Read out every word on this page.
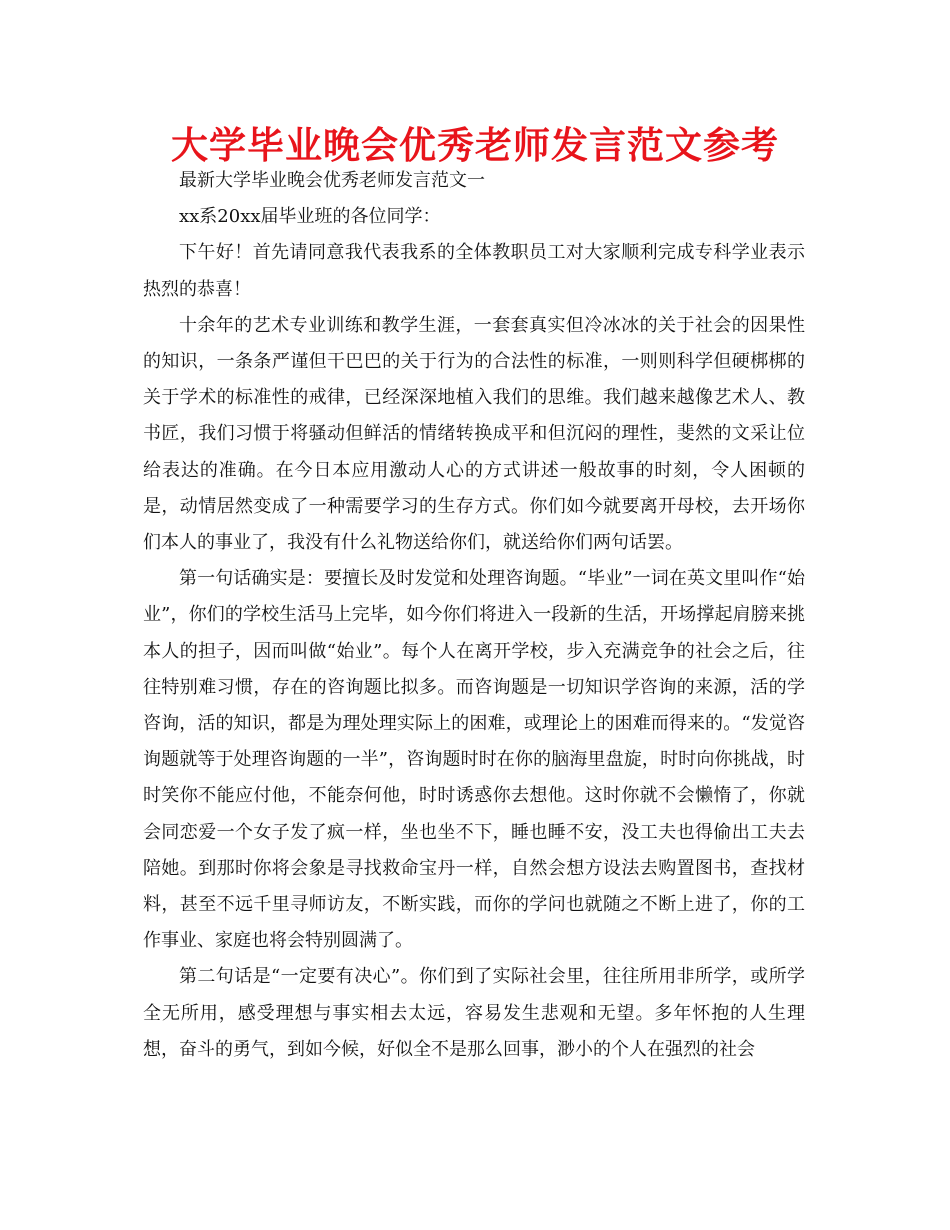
大学毕业晚会优秀老师发言范文参考

最新大学毕业晚会优秀老师发言范文一

xx系20xx届毕业班的各位同学：

下午好！首先请同意我代表我系的全体教职员工对大家顺利完成专科学业表示热烈的恭喜！

十余年的艺术专业训练和教学生涯，一套套真实但冷冰冰的关于社会的因果性的知识，一条条严谨但干巴巴的关于行为的合法性的标准，一则则科学但硬梆梆的关于学术的标准性的戒律，已经深深地植入我们的思维。我们越来越像艺术人、教书匠，我们习惯于将骚动但鲜活的情绪转换成平和但沉闷的理性，斐然的文采让位给表达的准确。在今日本应用激动人心的方式讲述一般故事的时刻，令人困顿的是，动情居然变成了一种需要学习的生存方式。你们如今就要离开母校，去开场你们本人的事业了，我没有什么礼物送给你们，就送给你们两句话罢。

第一句话确实是：要擅长及时发觉和处理咨询题。“毕业”一词在英文里叫作“始业”，你们的学校生活马上完毕，如今你们将进入一段新的生活，开场撑起肩膀来挑本人的担子，因而叫做“始业”。每个人在离开学校，步入充满竞争的社会之后，往往特别难习惯，存在的咨询题比拟多。而咨询题是一切知识学咨询的来源，活的学咨询，活的知识，都是为理处理实际上的困难，或理论上的困难而得来的。“发觉咨询题就等于处理咨询题的一半”，咨询题时时在你的脑海里盘旋，时时向你挑战，时时笑你不能应付他，不能奈何他，时时诱惑你去想他。这时你就不会懒惰了，你就会同恋爱一个女子发了疯一样，坐也坐不下，睡也睡不安，没工夫也得偷出工夫去陪她。到那时你将会象是寻找救命宝丹一样，自然会想方设法去购置图书，查找材料，甚至不远千里寻师访友，不断实践，而你的学问也就随之不断上进了，你的工作事业、家庭也将会特别圆满了。

第二句话是“一定要有决心”。你们到了实际社会里，往往所用非所学，或所学全无所用，感受理想与事实相去太远，容易发生悲观和无望。多年怀抱的人生理想，奋斗的勇气，到如今候，好似全不是那么回事，渺小的个人在强烈的社会
